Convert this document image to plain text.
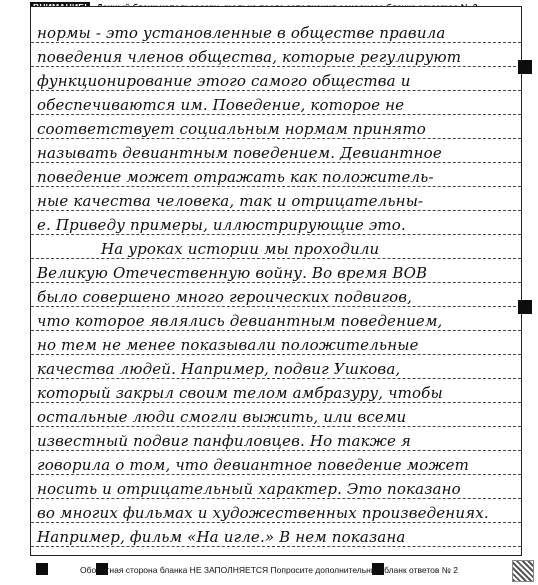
нормы - это установленные в обществе правила
поведения членов общества, которые регулируют
функционирование этого самого общества и
обеспечиваются им. Поведение, которое не
соответствует социальным нормам принято
называть девиантным поведением. Девиантное
поведение может отражать как положитель-
ные качества человека, так и отрицательны-
е. Приведу примеры, иллюстрирующие это.
На уроках истории мы проходили
Великую Отечественную войну. Во время ВОВ
было совершено много героических подвигов,
что которое являлись девиантным поведением,
но тем не менее показывали положительные
качества людей. Например, подвиг Ушкова,
который закрыл своим телом амбразуру, чтобы
остальные люди смогли выжить, или всеми
известный подвиг панфиловцев. Но также я
говорила о том, что девиантное поведение может
носить и отрицательный характер. Это показано
во многих фильмах и художественных произведениях.
Например, фильм «На игле.» В нем показана
Оборотная сторона бланка НЕ ЗАПОЛНЯЕТСЯ Попросите дополнительный бланк ответов № 2
